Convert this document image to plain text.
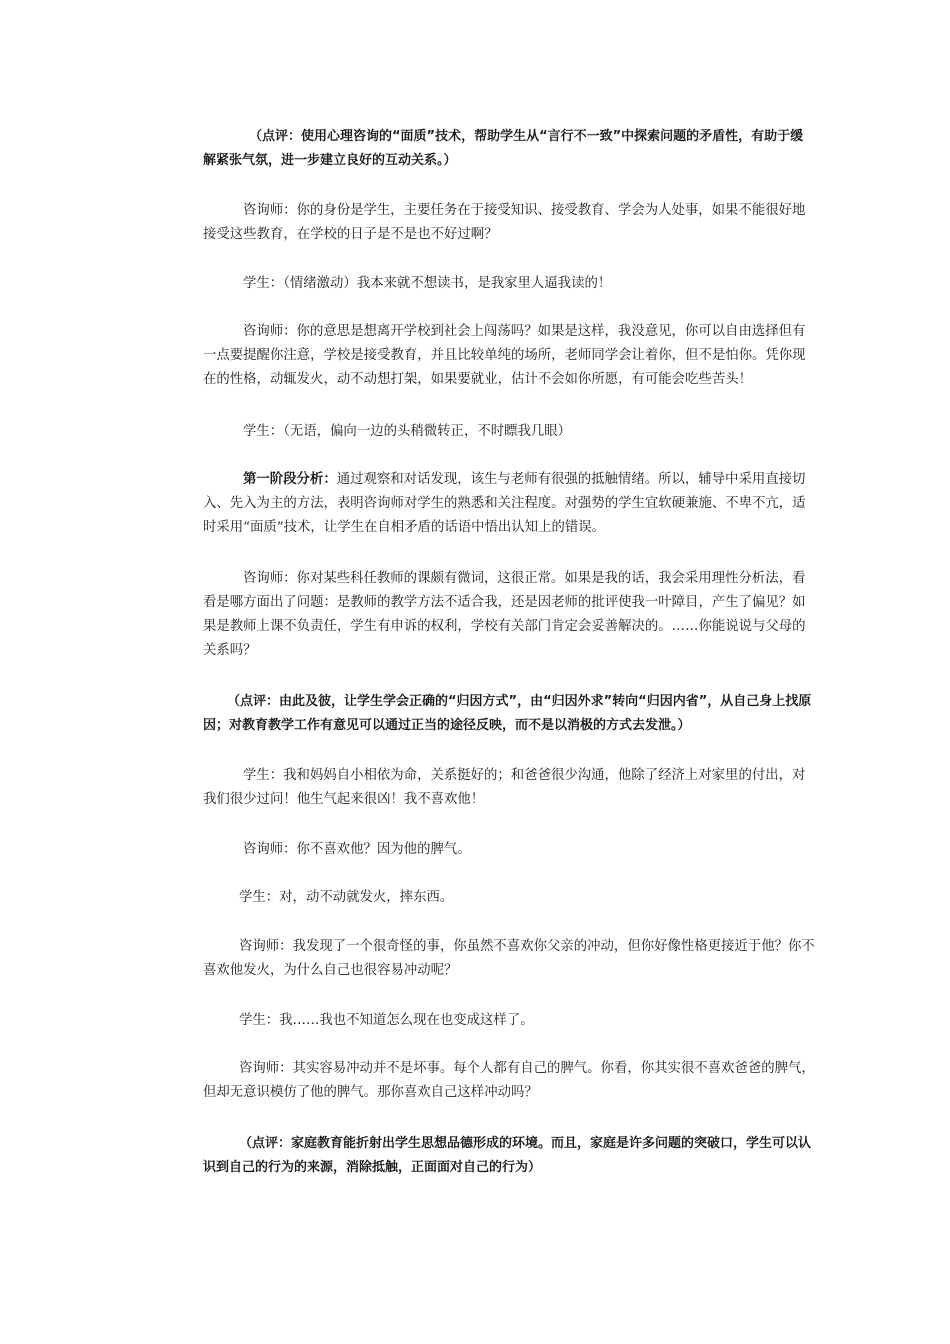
（点评：使用心理咨询的“面质”技术，帮助学生从“言行不一致”中探索问题的矛盾性，有助于缓解紧张气氛，进一步建立良好的互动关系。）

咨询师：你的身份是学生，主要任务在于接受知识、接受教育、学会为人处事，如果不能很好地接受这些教育，在学校的日子是不是也不好过啊？

学生：（情绪激动）我本来就不想读书，是我家里人逼我读的！

咨询师：你的意思是想离开学校到社会上闯荡吗？如果是这样，我没意见，你可以自由选择但有一点要提醒你注意，学校是接受教育，并且比较单纯的场所，老师同学会让着你，但不是怕你。凭你现在的性格，动辄发火，动不动想打架，如果要就业，估计不会如你所愿，有可能会吃些苦头！

学生：（无语，偏向一边的头稍微转正，不时瞟我几眼）

第一阶段分析：通过观察和对话发现，该生与老师有很强的抵触情绪。所以，辅导中采用直接切入、先入为主的方法，表明咨询师对学生的熟悉和关注程度。对强势的学生宜软硬兼施、不卑不亢，适时采用“面质”技术，让学生在自相矛盾的话语中悟出认知上的错误。

咨询师：你对某些科任教师的课颇有微词，这很正常。如果是我的话，我会采用理性分析法，看看是哪方面出了问题：是教师的教学方法不适合我，还是因老师的批评使我一叶障目，产生了偏见？如果是教师上课不负责任，学生有申诉的权利，学校有关部门肯定会妥善解决的。……你能说说与父母的关系吗？

（点评：由此及彼，让学生学会正确的“归因方式”，由“归因外求”转向“归因内省”，从自己身上找原因；对教育教学工作有意见可以通过正当的途径反映，而不是以消极的方式去发泄。）

学生：我和妈妈自小相依为命，关系挺好的；和爸爸很少沟通，他除了经济上对家里的付出，对我们很少过问！他生气起来很凶！我不喜欢他！

咨询师：你不喜欢他？因为他的脾气。

学生：对，动不动就发火，摔东西。

咨询师：我发现了一个很奇怪的事，你虽然不喜欢你父亲的冲动，但你好像性格更接近于他？你不喜欢他发火，为什么自己也很容易冲动呢？

学生：我……我也不知道怎么现在也变成这样了。

咨询师：其实容易冲动并不是坏事。每个人都有自己的脾气。你看，你其实很不喜欢爸爸的脾气，但却无意识模仿了他的脾气。那你喜欢自己这样冲动吗？

（点评：家庭教育能折射出学生思想品德形成的环境。而且，家庭是许多问题的突破口，学生可以认识到自己的行为的来源，消除抵触，正面面对自己的行为）
